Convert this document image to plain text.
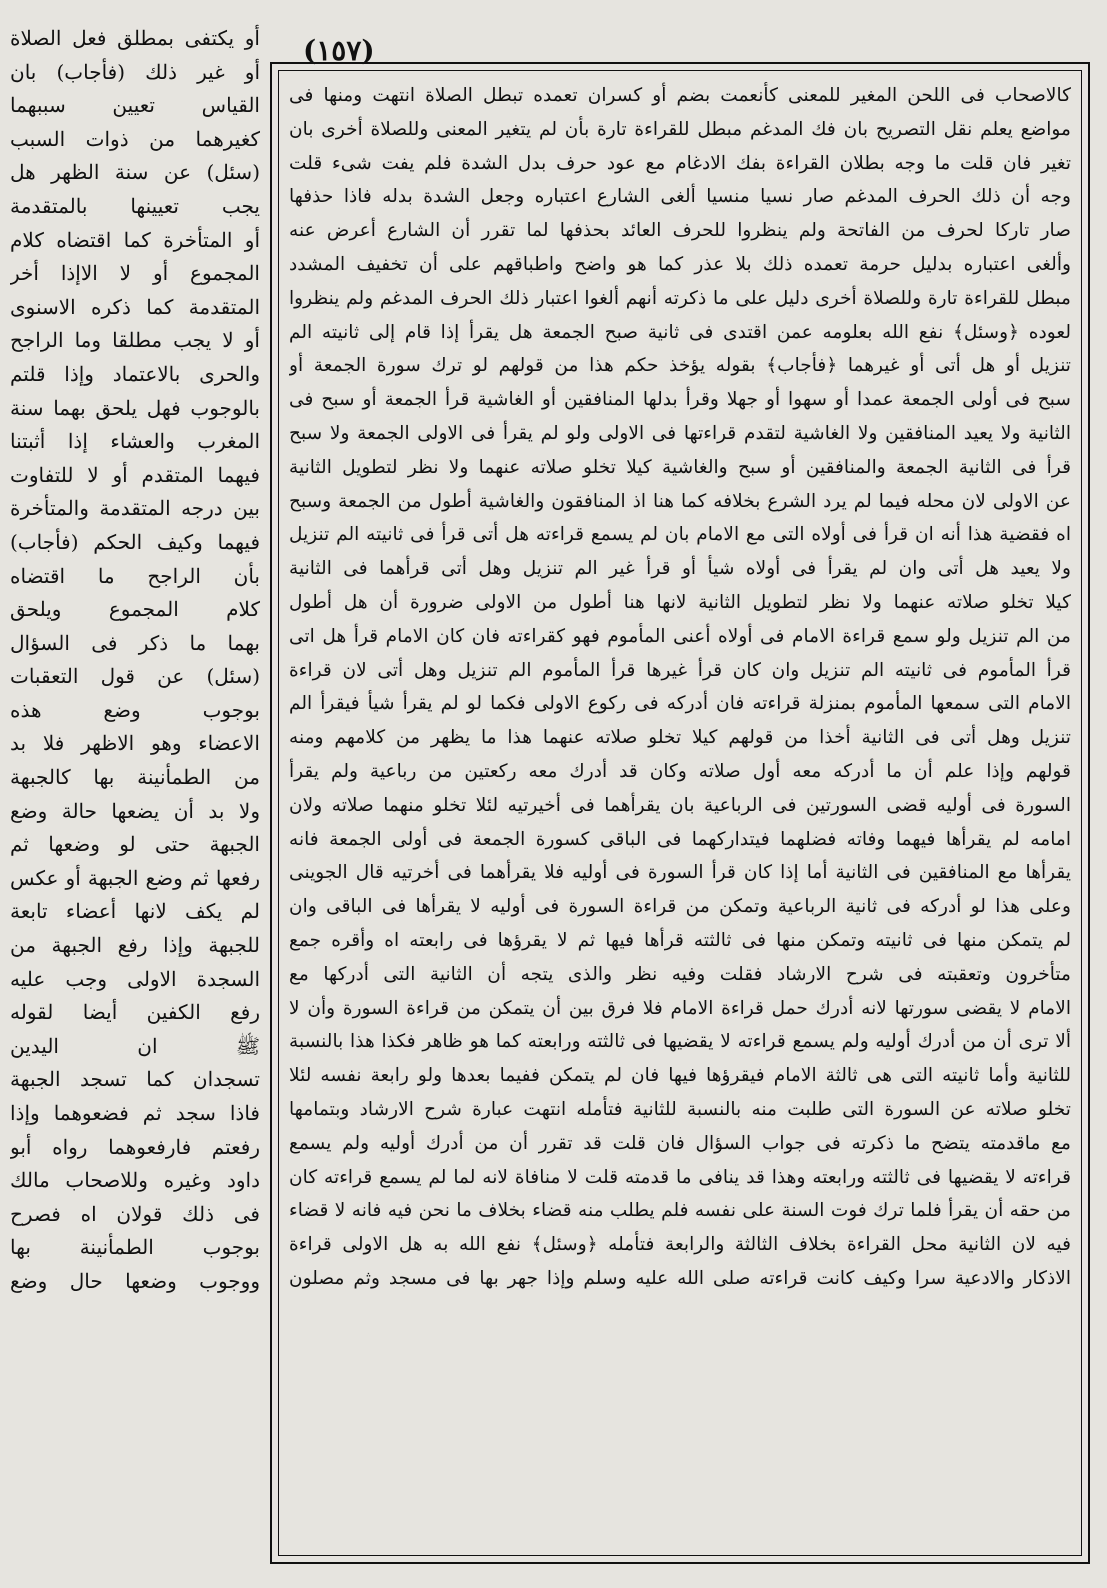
(١٥٧)
أو يكتفى بمطلق فعل الصلاة
أو غير ذلك (فأجاب) بان
القياس تعيين سببهما
كغيرهما من ذوات السبب
(سئل) عن سنة الظهر هل
يجب تعيينها بالمتقدمة
أو المتأخرة كما اقتضاه كلام
المجموع أو لا الاإذا أخر
المتقدمة كما ذكره الاسنوى
أو لا يجب مطلقا وما الراجح
والحرى بالاعتماد وإذا قلتم
بالوجوب فهل يلحق بهما سنة
المغرب والعشاء إذا أثبتنا
فيهما المتقدم أو لا للتفاوت
بين درجه المتقدمة والمتأخرة
فيهما وكيف الحكم (فأجاب)
بأن الراجح ما اقتضاه
كلام المجموع ويلحق
بهما ما ذكر فى السؤال
(سئل) عن قول التعقبات
بوجوب وضع هذه
الاعضاء وهو الاظهر فلا بد
من الطمأنينة بها كالجبهة
ولا بد أن يضعها حالة وضع
الجبهة حتى لو وضعها ثم
رفعها ثم وضع الجبهة أو عكس
لم يكف لانها أعضاء تابعة
للجبهة وإذا رفع الجبهة من
السجدة الاولى وجب عليه
رفع الكفين أيضا لقوله
ﷺ ان اليدين
تسجدان كما تسجد الجبهة
فاذا سجد ثم فضعوهما وإذا
رفعتم فارفعوهما رواه أبو
داود وغيره وللاصحاب مالك
فى ذلك قولان اه فصرح
بوجوب الطمأنينة بها
ووجوب وضعها حال وضع
كالاصحاب فى اللحن المغير للمعنى كأنعمت بضم أو كسران تعمده تبطل الصلاة انتهت ومنها فى
مواضع يعلم نقل التصريح بان فك المدغم مبطل للقراءة تارة بأن لم يتغير المعنى وللصلاة أخرى بان
تغير فان قلت ما وجه بطلان القراءة بفك الادغام مع عود حرف بدل الشدة فلم يفت شىء قلت
وجه أن ذلك الحرف المدغم صار نسيا منسيا ألغى الشارع اعتباره وجعل الشدة بدله فاذا حذفها
صار تاركا لحرف من الفاتحة ولم ينظروا للحرف العائد بحذفها لما تقرر أن الشارع أعرض عنه
وألغى اعتباره بدليل حرمة تعمده ذلك بلا عذر كما هو واضح واطباقهم على أن تخفيف المشدد
مبطل للقراءة تارة وللصلاة أخرى دليل على ما ذكرته أنهم ألغوا اعتبار ذلك الحرف المدغم ولم ينظروا
لعوده ﴿وسئل﴾ نفع الله بعلومه عمن اقتدى فى ثانية صبح الجمعة هل يقرأ إذا قام إلى ثانيته الم
تنزيل أو هل أتى أو غيرهما ﴿فأجاب﴾ بقوله يؤخذ حكم هذا من قولهم لو ترك سورة الجمعة أو
سبح فى أولى الجمعة عمدا أو سهوا أو جهلا وقرأ بدلها المنافقين أو الغاشية قرأ الجمعة أو سبح فى
الثانية ولا يعيد المنافقين ولا الغاشية لتقدم قراءتها فى الاولى ولو لم يقرأ فى الاولى الجمعة ولا سبح
قرأ فى الثانية الجمعة والمنافقين أو سبح والغاشية كيلا تخلو صلاته عنهما ولا نظر لتطويل الثانية
عن الاولى لان محله فيما لم يرد الشرع بخلافه كما هنا اذ المنافقون والغاشية أطول من الجمعة وسبح
اه فقضية هذا أنه ان قرأ فى أولاه التى مع الامام بان لم يسمع قراءته هل أتى قرأ فى ثانيته الم تنزيل
ولا يعيد هل أتى وان لم يقرأ فى أولاه شيأ أو قرأ غير الم تنزيل وهل أتى قرأهما فى الثانية
كيلا تخلو صلاته عنهما ولا نظر لتطويل الثانية لانها هنا أطول من الاولى ضرورة أن هل أطول
من الم تنزيل ولو سمع قراءة الامام فى أولاه أعنى المأموم فهو كقراءته فان كان الامام قرأ هل اتى
قرأ المأموم فى ثانيته الم تنزيل وان كان قرأ غيرها قرأ المأموم الم تنزيل وهل أتى لان قراءة
الامام التى سمعها المأموم بمنزلة قراءته فان أدركه فى ركوع الاولى فكما لو لم يقرأ شيأ فيقرأ الم
تنزيل وهل أتى فى الثانية أخذا من قولهم كيلا تخلو صلاته عنهما هذا ما يظهر من كلامهم ومنه
قولهم وإذا علم أن ما أدركه معه أول صلاته وكان قد أدرك معه ركعتين من رباعية ولم يقرأ
السورة فى أوليه قضى السورتين فى الرباعية بان يقرأهما فى أخيرتيه لئلا تخلو منهما صلاته ولان
امامه لم يقرأها فيهما وفاته فضلهما فيتداركهما فى الباقى كسورة الجمعة فى أولى الجمعة فانه
يقرأها مع المنافقين فى الثانية أما إذا كان قرأ السورة فى أوليه فلا يقرأهما فى أخرتيه قال الجوينى
وعلى هذا لو أدركه فى ثانية الرباعية وتمكن من قراءة السورة فى أوليه لا يقرأها فى الباقى وان
لم يتمكن منها فى ثانيته وتمكن منها فى ثالثته قرأها فيها ثم لا يقرؤها فى رابعته اه وأقره جمع
متأخرون وتعقبته فى شرح الارشاد فقلت وفيه نظر والذى يتجه أن الثانية التى أدركها مع
الامام لا يقضى سورتها لانه أدرك حمل قراءة الامام فلا فرق بين أن يتمكن من قراءة السورة وأن لا
ألا ترى أن من أدرك أوليه ولم يسمع قراءته لا يقضيها فى ثالثته ورابعته كما هو ظاهر فكذا هذا بالنسبة
للثانية وأما ثانيته التى هى ثالثة الامام فيقرؤها فيها فان لم يتمكن ففيما بعدها ولو رابعة نفسه لئلا
تخلو صلاته عن السورة التى طلبت منه بالنسبة للثانية فتأمله انتهت عبارة شرح الارشاد وبتمامها
مع ماقدمته يتضح ما ذكرته فى جواب السؤال فان قلت قد تقرر أن من أدرك أوليه ولم يسمع
قراءته لا يقضيها فى ثالثته ورابعته وهذا قد ينافى ما قدمته قلت لا منافاة لانه لما لم يسمع قراءته كان
من حقه أن يقرأ فلما ترك فوت السنة على نفسه فلم يطلب منه قضاء بخلاف ما نحن فيه فانه لا قضاء
فيه لان الثانية محل القراءة بخلاف الثالثة والرابعة فتأمله ﴿وسئل﴾ نفع الله به هل الاولى قراءة
الاذكار والادعية سرا وكيف كانت قراءته صلى الله عليه وسلم وإذا جهر بها فى مسجد وثم مصلون
